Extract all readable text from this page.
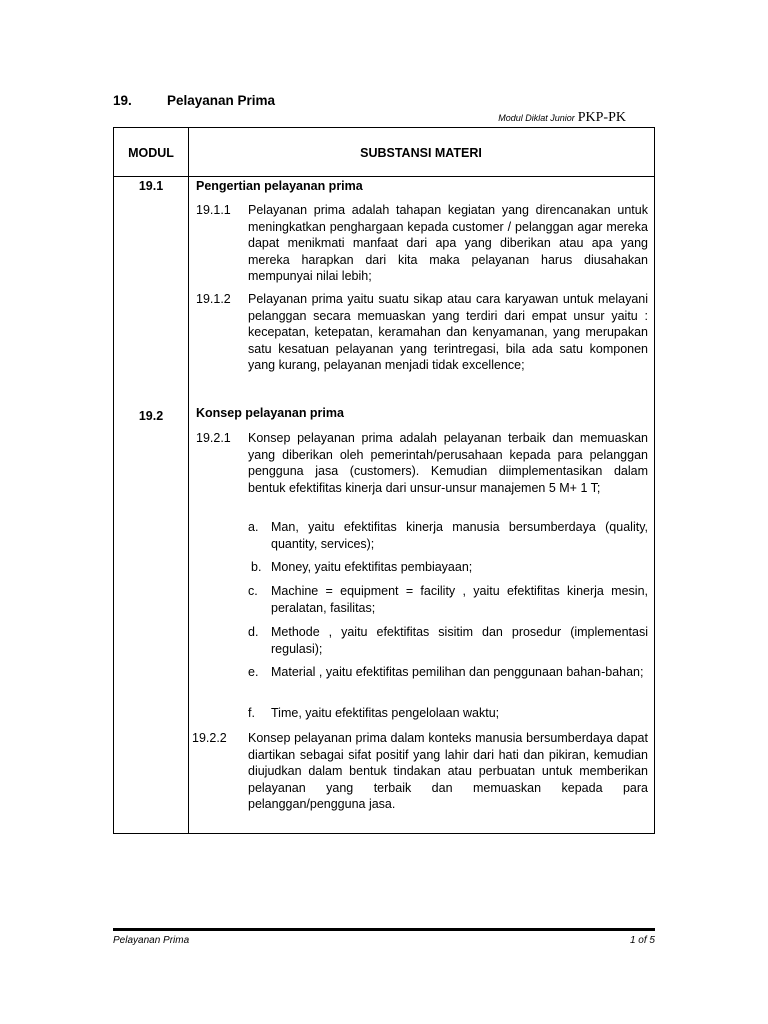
19.	Pelayanan Prima
Modul Diklat Junior PKP-PK
MODUL	SUBSTANSI MATERI
19.1	Pengertian pelayanan prima
19.1.1 Pelayanan prima adalah tahapan kegiatan yang direncanakan untuk meningkatkan penghargaan kepada customer / pelanggan agar mereka dapat menikmati manfaat dari apa yang diberikan atau apa yang mereka harapkan dari kita maka pelayanan harus diusahakan mempunyai nilai lebih;
19.1.2 Pelayanan prima yaitu suatu sikap atau cara karyawan untuk melayani pelanggan secara memuaskan yang terdiri dari empat unsur yaitu : kecepatan, ketepatan, keramahan dan kenyamanan, yang merupakan satu kesatuan pelayanan yang terintregasi, bila ada satu komponen yang kurang, pelayanan menjadi tidak excellence;
19.2	Konsep pelayanan prima
19.2.1 Konsep pelayanan prima adalah pelayanan terbaik dan memuaskan yang diberikan oleh pemerintah/perusahaan kepada para pelanggan pengguna jasa (customers). Kemudian diimplementasikan dalam bentuk efektifitas kinerja dari unsur-unsur manajemen 5 M+ 1 T;
a.	Man, yaitu efektifitas kinerja manusia bersumberdaya (quality, quantity, services);
b. Money, yaitu efektifitas pembiayaan;
c.	Machine = equipment = facility , yaitu efektifitas kinerja mesin, peralatan, fasilitas;
d.	Methode , yaitu efektifitas sisitim dan prosedur (implementasi regulasi);
e.	Material , yaitu efektifitas pemilihan dan penggunaan bahan-bahan;
f.	Time, yaitu efektifitas pengelolaan waktu;
19.2.2 Konsep pelayanan prima dalam konteks manusia bersumberdaya dapat diartikan sebagai sifat positif yang lahir dari hati dan pikiran, kemudian diujudkan dalam bentuk tindakan atau perbuatan untuk memberikan pelayanan yang terbaik dan memuaskan kepada para pelanggan/pengguna jasa.
Pelayanan Prima	1 of 5
